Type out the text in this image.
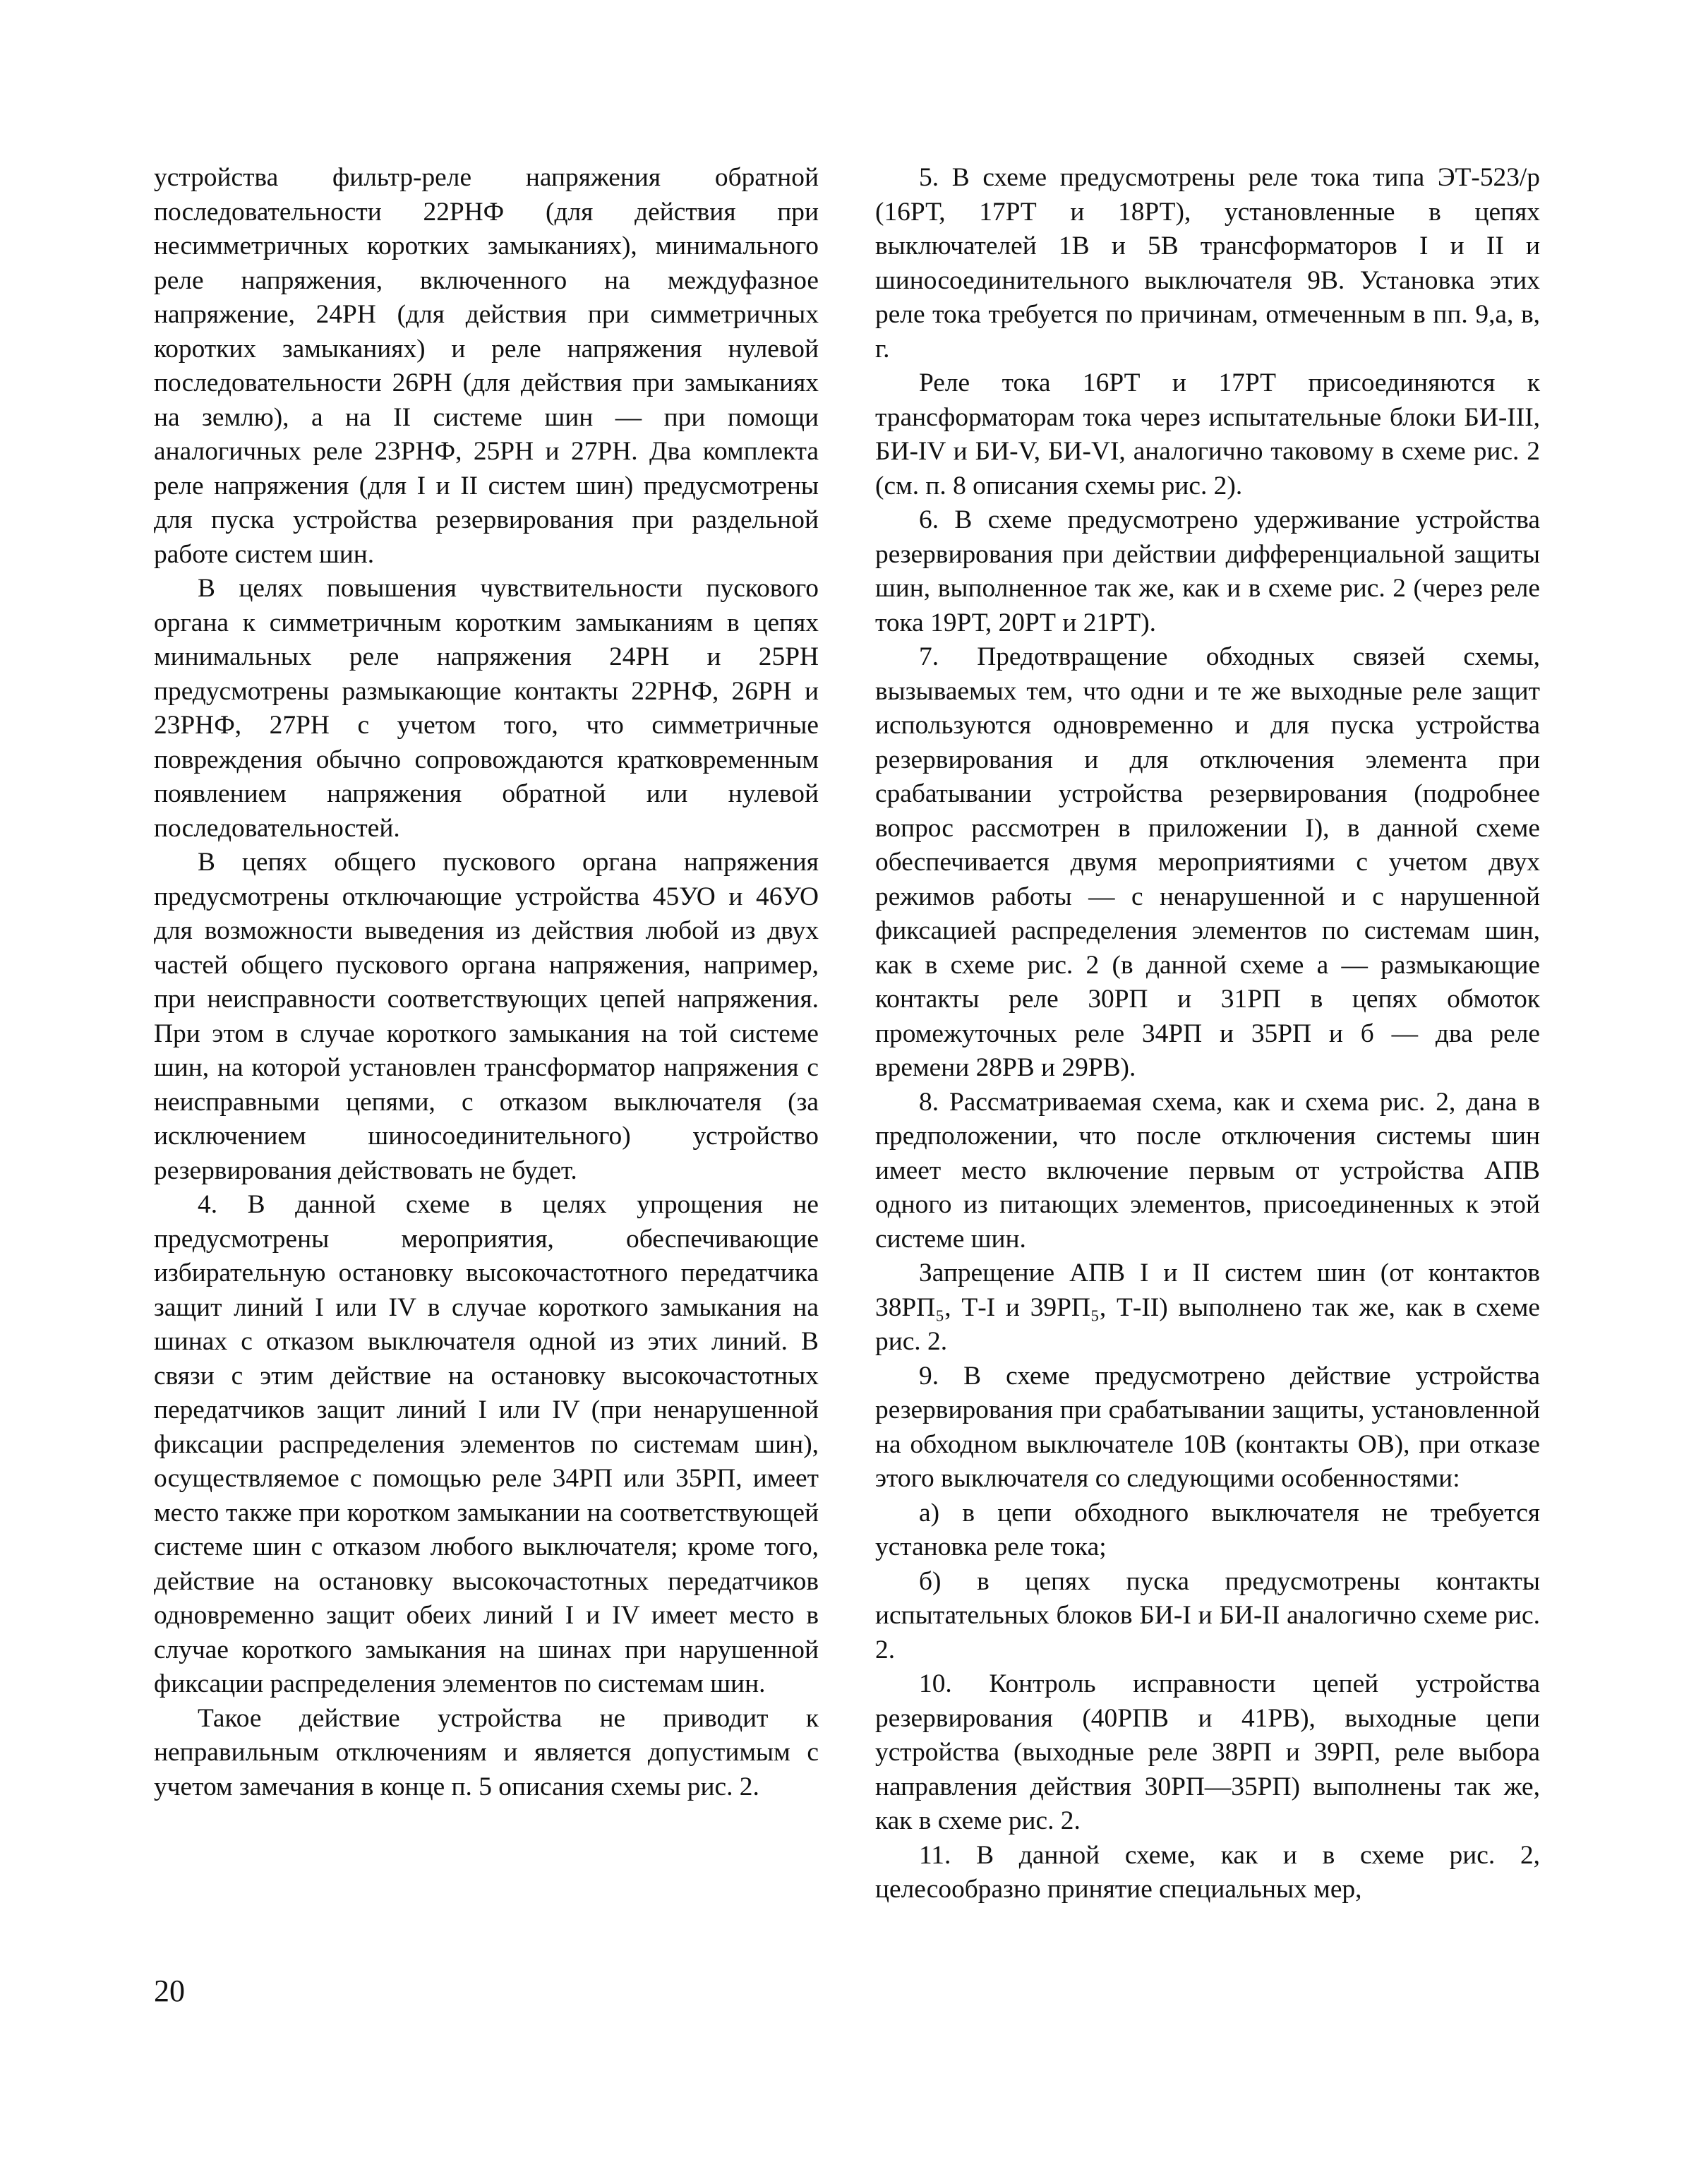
устройства фильтр-реле напряжения обратной последовательности 22РНФ (для действия при несимметричных коротких замыканиях), минимального реле напряжения, включенного на междуфазное напряжение, 24РН (для действия при симметричных коротких замыканиях) и реле напряжения нулевой последовательности 26РН (для действия при замыканиях на землю), а на II системе шин — при помощи аналогичных реле 23РНФ, 25РН и 27РН. Два комплекта реле напряжения (для I и II систем шин) предусмотрены для пуска устройства резервирования при раздельной работе систем шин.

В целях повышения чувствительности пускового органа к симметричным коротким замыканиям в цепях минимальных реле напряжения 24РН и 25РН предусмотрены размыкающие контакты 22РНФ, 26РН и 23РНФ, 27РН с учетом того, что симметричные повреждения обычно сопровождаются кратковременным появлением напряжения обратной или нулевой последовательностей.

В цепях общего пускового органа напряжения предусмотрены отключающие устройства 45УО и 46УО для возможности выведения из действия любой из двух частей общего пускового органа напряжения, например, при неисправности соответствующих цепей напряжения. При этом в случае короткого замыкания на той системе шин, на которой установлен трансформатор напряжения с неисправными цепями, с отказом выключателя (за исключением шиносоединительного) устройство резервирования действовать не будет.

4. В данной схеме в целях упрощения не предусмотрены мероприятия, обеспечивающие избирательную остановку высокочастотного передатчика защит линий I или IV в случае короткого замыкания на шинах с отказом выключателя одной из этих линий. В связи с этим действие на остановку высокочастотных передатчиков защит линий I или IV (при ненарушенной фиксации распределения элементов по системам шин), осуществляемое с помощью реле 34РП или 35РП, имеет место также при коротком замыкании на соответствующей системе шин с отказом любого выключателя; кроме того, действие на остановку высокочастотных передатчиков одновременно защит обеих линий I и IV имеет место в случае короткого замыкания на шинах при нарушенной фиксации распределения элементов по системам шин.

Такое действие устройства не приводит к неправильным отключениям и является допустимым с учетом замечания в конце п. 5 описания схемы рис. 2.

5. В схеме предусмотрены реле тока типа ЭТ-523/р (16РТ, 17РТ и 18РТ), установленные в цепях выключателей 1В и 5В трансформаторов I и II и шиносоединительного выключателя 9В. Установка этих реле тока требуется по причинам, отмеченным в пп. 9,а, в, г.

Реле тока 16РТ и 17РТ присоединяются к трансформаторам тока через испытательные блоки БИ-III, БИ-IV и БИ-V, БИ-VI, аналогично таковому в схеме рис. 2 (см. п. 8 описания схемы рис. 2).

6. В схеме предусмотрено удерживание устройства резервирования при действии дифференциальной защиты шин, выполненное так же, как и в схеме рис. 2 (через реле тока 19РТ, 20РТ и 21РТ).

7. Предотвращение обходных связей схемы, вызываемых тем, что одни и те же выходные реле защит используются одновременно и для пуска устройства резервирования и для отключения элемента при срабатывании устройства резервирования (подробнее вопрос рассмотрен в приложении I), в данной схеме обеспечивается двумя мероприятиями с учетом двух режимов работы — с ненарушенной и с нарушенной фиксацией распределения элементов по системам шин, как в схеме рис. 2 (в данной схеме а — размыкающие контакты реле 30РП и 31РП в цепях обмоток промежуточных реле 34РП и 35РП и б — два реле времени 28РВ и 29РВ).

8. Рассматриваемая схема, как и схема рис. 2, дана в предположении, что после отключения системы шин имеет место включение первым от устройства АПВ одного из питающих элементов, присоединенных к этой системе шин.

Запрещение АПВ I и II систем шин (от контактов 38РП₅, Т-I и 39РП₅, Т-II) выполнено так же, как в схеме рис. 2.

9. В схеме предусмотрено действие устройства резервирования при срабатывании защиты, установленной на обходном выключателе 10В (контакты ОВ), при отказе этого выключателя со следующими особенностями:

а) в цепи обходного выключателя не требуется установка реле тока;

б) в цепях пуска предусмотрены контакты испытательных блоков БИ-I и БИ-II аналогично схеме рис. 2.

10. Контроль исправности цепей устройства резервирования (40РПВ и 41РВ), выходные цепи устройства (выходные реле 38РП и 39РП, реле выбора направления действия 30РП—35РП) выполнены так же, как в схеме рис. 2.

11. В данной схеме, как и в схеме рис. 2, целесообразно принятие специальных мер,

20
